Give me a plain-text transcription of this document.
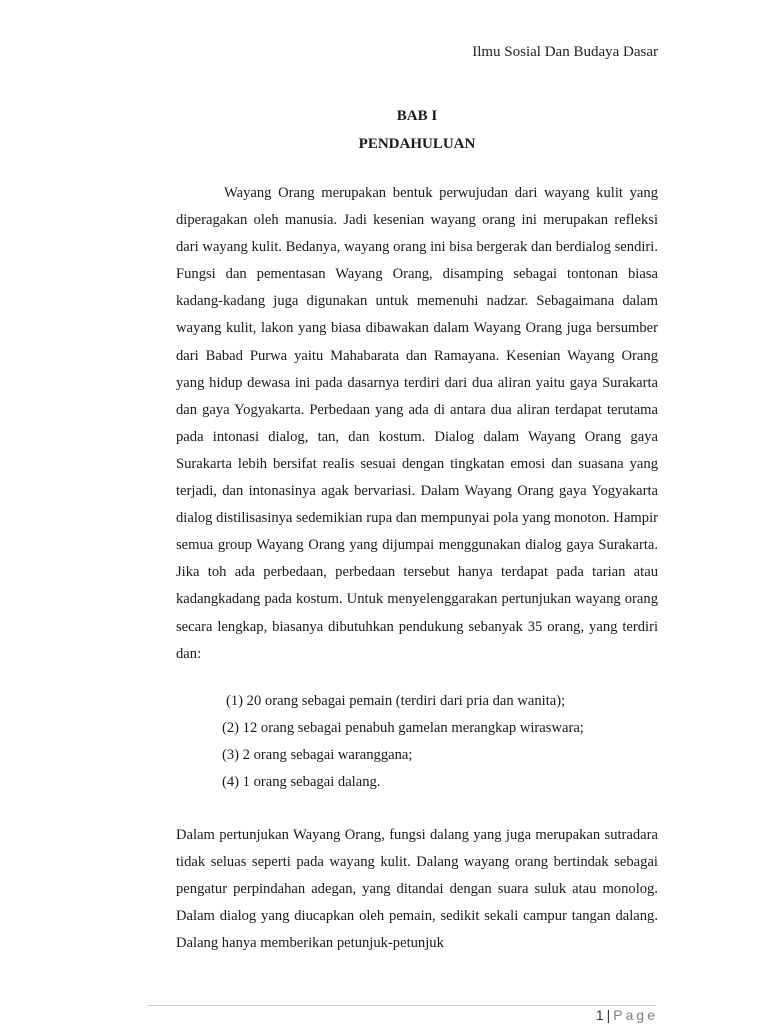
Ilmu Sosial Dan Budaya Dasar
BAB I
PENDAHULUAN

Wayang Orang merupakan bentuk perwujudan dari wayang kulit yang diperagakan oleh manusia. Jadi kesenian wayang orang ini merupakan refleksi dari wayang kulit. Bedanya, wayang orang ini bisa bergerak dan berdialog sendiri. Fungsi dan pementasan Wayang Orang, disamping sebagai tontonan biasa kadang-kadang juga digunakan untuk memenuhi nadzar. Sebagaimana dalam wayang kulit, lakon yang biasa dibawakan dalam Wayang Orang juga bersumber dari Babad Purwa yaitu Mahabarata dan Ramayana. Kesenian Wayang Orang yang hidup dewasa ini pada dasarnya terdiri dari dua aliran yaitu gaya Surakarta dan gaya Yogyakarta. Perbedaan yang ada di antara dua aliran terdapat terutama pada intonasi dialog, tan, dan kostum. Dialog dalam Wayang Orang gaya Surakarta lebih bersifat realis sesuai dengan tingkatan emosi dan suasana yang terjadi, dan intonasinya agak bervariasi. Dalam Wayang Orang gaya Yogyakarta dialog distilisasinya sedemikian rupa dan mempunyai pola yang monoton. Hampir semua group Wayang Orang yang dijumpai menggunakan dialog gaya Surakarta. Jika toh ada perbedaan, perbedaan tersebut hanya terdapat pada tarian atau kadangkadang pada kostum. Untuk menyelenggarakan pertunjukan wayang orang secara lengkap, biasanya dibutuhkan pendukung sebanyak 35 orang, yang terdiri dan:

(1) 20 orang sebagai pemain (terdiri dari pria dan wanita);
(2) 12 orang sebagai penabuh gamelan merangkap wiraswara;
(3) 2 orang sebagai waranggana;
(4) 1 orang sebagai dalang.

Dalam pertunjukan Wayang Orang, fungsi dalang yang juga merupakan sutradara tidak seluas seperti pada wayang kulit. Dalang wayang orang bertindak sebagai pengatur perpindahan adegan, yang ditandai dengan suara suluk atau monolog. Dalam dialog yang diucapkan oleh pemain, sedikit sekali campur tangan dalang. Dalang hanya memberikan petunjuk-petunjuk

1 | Page
